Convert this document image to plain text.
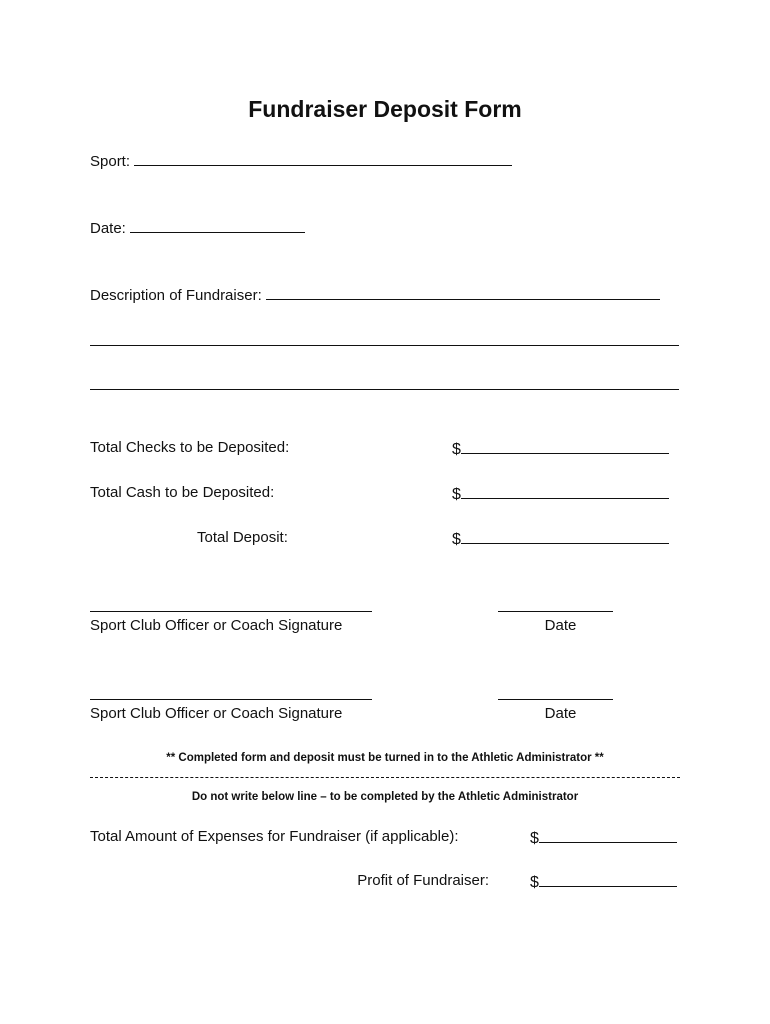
Fundraiser Deposit Form
Sport:
Date:
Description of Fundraiser:
Total Checks to be Deposited:	$
Total Cash to be Deposited:	$
Total Deposit:	$
Sport Club Officer or Coach Signature	Date
Sport Club Officer or Coach Signature	Date
** Completed form and deposit must be turned in to the Athletic Administrator **
Do not write below line – to be completed by the Athletic Administrator
Total Amount of Expenses for Fundraiser (if applicable):	$
Profit of Fundraiser:	$
